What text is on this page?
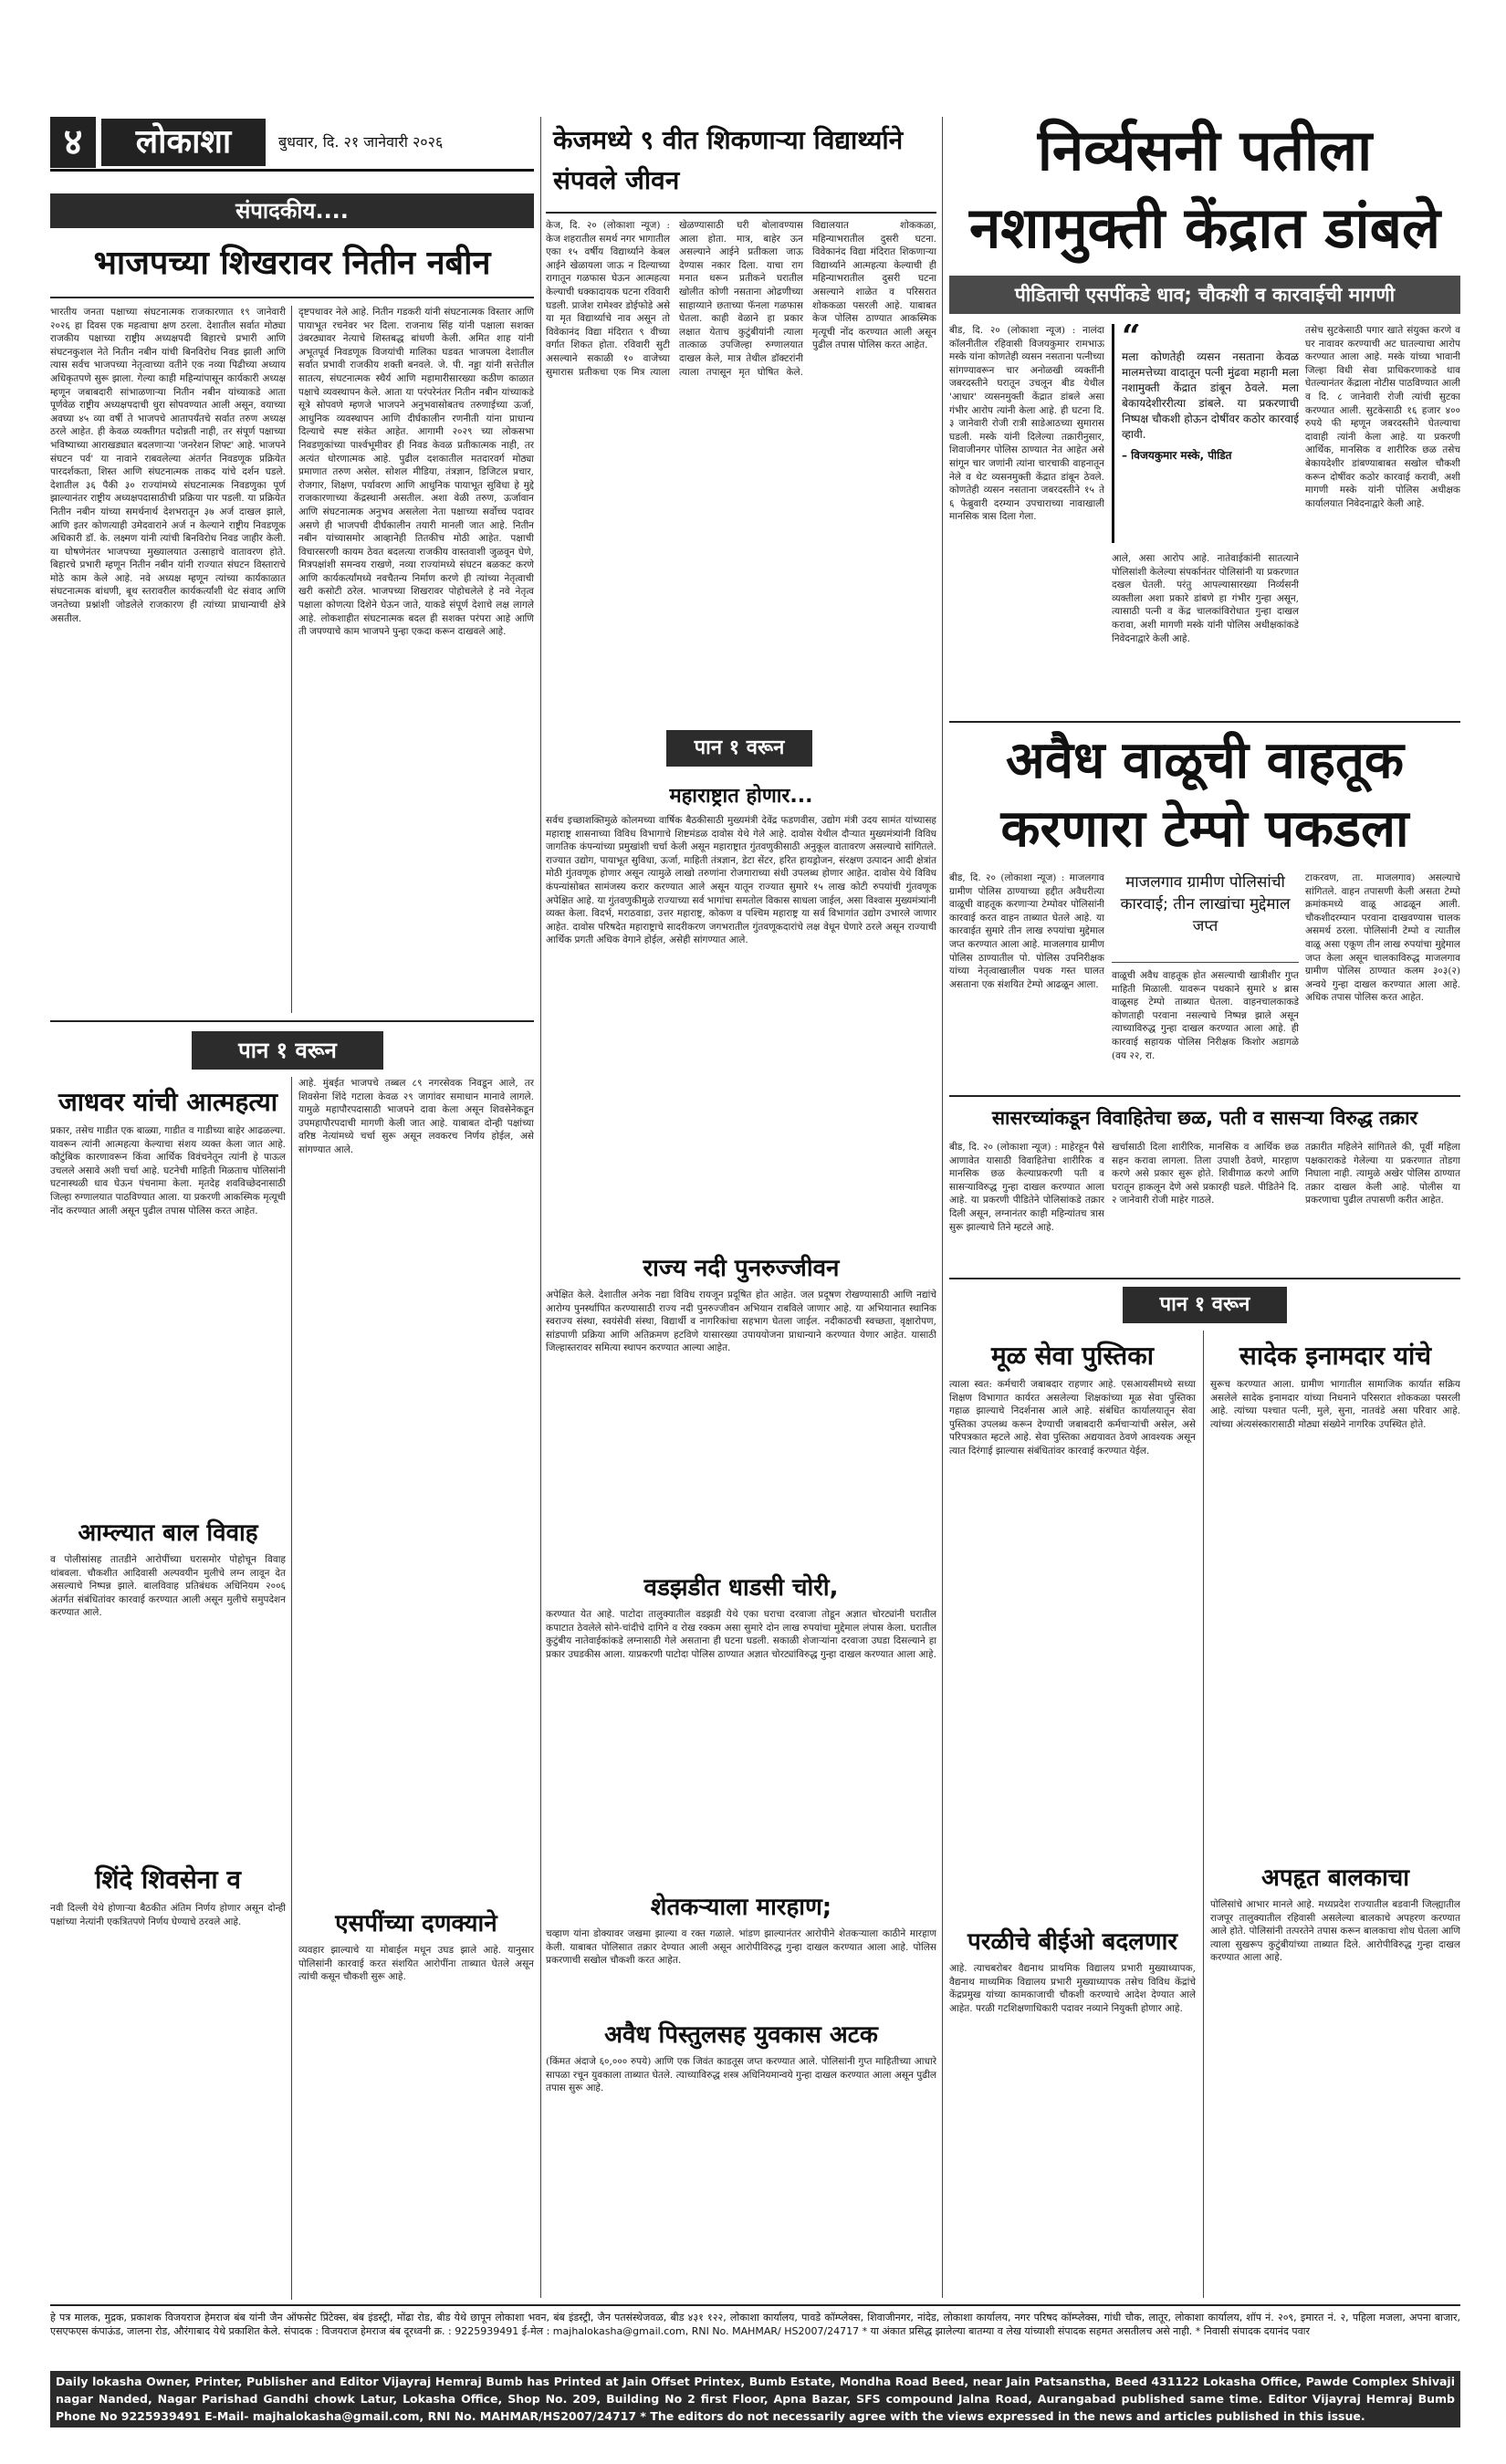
४	लोकाशा	बुधवार, दि. २१ जानेवारी २०२६
संपादकीय....
भाजपच्या शिखरावर नितीन नबीन
भारतीय जनता पक्षाच्या संघटनात्मक राजकारणात १९ जानेवारी २०२६ हा दिवस एक महत्वाचा क्षण ठरला. देशातील सर्वात मोठ्या राजकीय पक्षाच्या राष्ट्रीय अध्यक्षपदी बिहारचे प्रभारी आणि संघटनकुशल नेते नितीन नबीन यांची बिनविरोध निवड झाली आणि त्यास सर्वच भाजपच्या नेतृत्वाच्या वतीने एक नव्या पिढीच्या अध्याय अधिकृतपणे सुरू झाला. गेल्या काही महिन्यांपासून कार्यकारी अध्यक्ष म्हणून जबाबदारी सांभाळणाऱ्या नितीन नबीन यांच्याकडे आता पूर्णवेळ राष्ट्रीय अध्यक्षपदाची धुरा सोपवण्यात आली असून, वयाच्या अवघ्या ४५ व्या वर्षी ते भाजपचे आतापर्यंतचे सर्वात तरुण अध्यक्ष ठरले आहेत. ही केवळ व्यक्तीगत पदोन्नती नाही, तर संपूर्ण पक्षाच्या भविष्याच्या आराखड्यात बदलणाऱ्या 'जनरेशन शिफ्ट' आहे. भाजपने संघटन पर्व' या नावाने राबवलेल्या अंतर्गत निवडणूक प्रक्रियेत पारदर्शकता, शिस्त आणि संघटनात्मक ताकद यांचे दर्शन घडले. देशातील ३६ पैकी ३० राज्यांमध्ये संघटनात्मक निवडणुका पूर्ण झाल्यानंतर राष्ट्रीय अध्यक्षपदासाठीची प्रक्रिया पार पडली. या प्रक्रियेत नितीन नबीन यांच्या समर्थनार्थ देशभरातून ३७ अर्ज दाखल झाले, आणि इतर कोणत्याही उमेदवाराने अर्ज न केल्याने राष्ट्रीय निवडणूक अधिकारी डॉ. के. लक्ष्मण यांनी त्यांची बिनविरोध निवड जाहीर केली. या घोषणेनंतर भाजपच्या मुख्यालयात उत्साहाचे वातावरण होते. बिहारचे प्रभारी म्हणून नितीन नबीन यांनी राज्यात संघटन विस्ताराचे मोठे काम केले आहे. नवे अध्यक्ष म्हणून त्यांच्या कार्यकाळात संघटनात्मक बांधणी, बूथ स्तरावरील कार्यकर्त्यांशी थेट संवाद आणि जनतेच्या प्रश्नांशी जोडलेले राजकारण ही त्यांच्या प्राधान्याची क्षेत्रे असतील.
दृष्टपथावर नेले आहे. नितीन गडकरी यांनी संघटनात्मक विस्तार आणि पायाभूत रचनेवर भर दिला. राजनाथ सिंह यांनी पक्षाला सशक्त उंबरठ्यावर नेत्याचे शिस्तबद्ध बांधणी केली. अमित शाह यांनी अभूतपूर्व निवडणूक विजयांची मालिका घडवत भाजपला देशातील सर्वात प्रभावी राजकीय शक्ती बनवले. जे. पी. नड्डा यांनी सत्तेतील सातत्य, संघटनात्मक स्थैर्य आणि महामारीसारख्या कठीण काळात पक्षाचे व्यवस्थापन केले. आता या परंपरेनंतर नितीन नबीन यांच्याकडे सूत्रे सोपवणे म्हणजे भाजपने अनुभवासोबतच तरुणाईच्या ऊर्जा, आधुनिक व्यवस्थापन आणि दीर्घकालीन रणनीती यांना प्राधान्य दिल्याचे स्पष्ट संकेत आहेत. आगामी २०२९ च्या लोकसभा निवडणुकांच्या पार्श्वभूमीवर ही निवड केवळ प्रतीकात्मक नाही, तर अत्यंत धोरणात्मक आहे. पुढील दशकातील मतदारवर्ग मोठ्या प्रमाणात तरुण असेल. सोशल मीडिया, तंत्रज्ञान, डिजिटल प्रचार, रोजगार, शिक्षण, पर्यावरण आणि आधुनिक पायाभूत सुविधा हे मुद्दे राजकारणाच्या केंद्रस्थानी असतील. अशा वेळी तरुण, ऊर्जावान आणि संघटनात्मक अनुभव असलेला नेता पक्षाच्या सर्वोच्च पदावर असणे ही भाजपची दीर्घकालीन तयारी मानली जात आहे. नितीन नबीन यांच्यासमोर आव्हानेही तितकीच मोठी आहेत. पक्षाची विचारसरणी कायम ठेवत बदलत्या राजकीय वास्तवाशी जुळवून घेणे, मित्रपक्षांशी समन्वय राखणे, नव्या राज्यांमध्ये संघटन बळकट करणे आणि कार्यकर्त्यांमध्ये नवचैतन्य निर्माण करणे ही त्यांच्या नेतृत्वाची खरी कसोटी ठरेल. भाजपच्या शिखरावर पोहोचलेले हे नवे नेतृत्व पक्षाला कोणत्या दिशेने घेऊन जाते, याकडे संपूर्ण देशाचे लक्ष लागले आहे. लोकशाहीत संघटनात्मक बदल ही सशक्त परंपरा आहे आणि ती जपण्याचे काम भाजपने पुन्हा एकदा करून दाखवले आहे.
केजमध्ये ९ वीत शिकणाऱ्या विद्यार्थ्याने संपवले जीवन
केज, दि. २० (लोकाशा न्यूज) : केज शहरातील समर्थ नगर भागातील एका १५ वर्षीय विद्यार्थ्याने केबल आईने खेळायला जाऊ न दिल्याच्या रागातून गळफास घेऊन आत्महत्या केल्याची धक्कादायक घटना रविवारी घडली. प्राजेश रामेश्वर डोईफोडे असे या मृत विद्यार्थ्याचे नाव असून तो विवेकानंद विद्या मंदिरात ९ वीच्या वर्गात शिकत होता. रविवारी सुटी असल्याने सकाळी १० वाजेच्या सुमारास प्रतीकचा एक मित्र त्याला खेळण्यासाठी घरी बोलावण्यास आला होता. मात्र, बाहेर ऊन असल्याने आईने प्रतीकला जाऊ देण्यास नकार दिला. याचा राग मनात धरून प्रतीकने घरातील खोलीत कोणी नसताना ओढणीच्या साहाय्याने छताच्या फॅनला गळफास घेतला. काही वेळाने हा प्रकार लक्षात येताच कुटुंबीयांनी त्याला तात्काळ उपजिल्हा रुग्णालयात दाखल केले, मात्र तेथील डॉक्टरांनी त्याला तपासून मृत घोषित केले. विद्यालयात शोककळा, महिन्याभरातील दुसरी घटना. विवेकानंद विद्या मंदिरात शिकणाऱ्या विद्यार्थ्याने आत्महत्या केल्याची ही महिन्याभरातील दुसरी घटना असल्याने शाळेत व परिसरात शोककळा पसरली आहे. याबाबत केज पोलिस ठाण्यात आकस्मिक मृत्यूची नोंद करण्यात आली असून पुढील तपास पोलिस करत आहेत.
निर्व्यसनी पतीला
नशामुक्ती केंद्रात डांबले
पीडिताची एसपींकडे धाव; चौकशी व कारवाईची मागणी
बीड, दि. २० (लोकाशा न्यूज) : नालंदा कॉलनीतील रहिवासी विजयकुमार रामभाऊ मस्के यांना कोणतेही व्यसन नसताना पत्नीच्या सांगण्यावरून चार अनोळखी व्यक्तींनी जबरदस्तीने घरातून उचलून बीड येथील 'आधार' व्यसनमुक्ती केंद्रात डांबले असा गंभीर आरोप त्यांनी केला आहे. ही घटना दि. ३ जानेवारी रोजी रात्री साडेआठच्या सुमारास घडली. मस्के यांनी दिलेल्या तक्रारीनुसार, शिवाजीनगर पोलिस ठाण्यात नेत आहेत असे सांगून चार जणांनी त्यांना चारचाकी वाहनातून नेले व थेट व्यसनमुक्ती केंद्रात डांबून ठेवले. कोणतेही व्यसन नसताना जबरदस्तीने १५ ते ६ फेब्रुवारी दरम्यान उपचाराच्या नावाखाली मानसिक त्रास दिला गेला.
“
मला कोणतेही व्यसन नसताना केवळ मालमत्तेच्या वादातून पत्नी मुंढवा महानी मला नशामुक्ती केंद्रात डांबून ठेवले. मला बेकायदेशीररीत्या डांबले. या प्रकरणाची निष्पक्ष चौकशी होऊन दोषींवर कठोर कारवाई व्हावी.
– विजयकुमार मस्के, पीडित
आले, असा आरोप आहे. नातेवाईकांनी सातत्याने पोलिसांशी केलेल्या संपर्कानंतर पोलिसांनी या प्रकरणात दखल घेतली. परंतु आपल्यासारख्या निर्व्यसनी व्यक्तीला अशा प्रकारे डांबणे हा गंभीर गुन्हा असून, त्यासाठी पत्नी व केंद्र चालकांविरोधात गुन्हा दाखल करावा, अशी मागणी मस्के यांनी पोलिस अधीक्षकांकडे निवेदनाद्वारे केली आहे.
तसेच सुटकेसाठी पगार खाते संयुक्त करणे व घर नावावर करण्याची अट घातल्याचा आरोप करण्यात आला आहे. मस्के यांच्या भावानी जिल्हा विधी सेवा प्राधिकरणाकडे धाव घेतल्यानंतर केंद्राला नोटीस पाठविण्यात आली व दि. ८ जानेवारी रोजी त्यांची सुटका करण्यात आली. सुटकेसाठी १६ हजार ४०० रुपये फी म्हणून जबरदस्तीने घेतल्याचा दावाही त्यांनी केला आहे. या प्रकरणी आर्थिक, मानसिक व शारीरिक छळ तसेच बेकायदेशीर डांबण्याबाबत सखोल चौकशी करून दोषींवर कठोर कारवाई करावी, अशी मागणी मस्के यांनी पोलिस अधीक्षक कार्यालयात निवेदनाद्वारे केली आहे.
अवैध वाळूची वाहतूक
करणारा टेम्पो पकडला
बीड, दि. २० (लोकाशा न्यूज) : माजलगाव ग्रामीण पोलिस ठाण्याच्या हद्दीत अवैधरीत्या वाळूची वाहतूक करणाऱ्या टेम्पोवर पोलिसांनी कारवाई करत वाहन ताब्यात घेतले आहे. या कारवाईत सुमारे तीन लाख रुपयांचा मुद्देमाल जप्त करण्यात आला आहे. माजलगाव ग्रामीण पोलिस ठाण्यातील पो. पोलिस उपनिरीक्षक यांच्या नेतृत्वाखालील पथक गस्त घालत असताना एक संशयित टेम्पो आढळून आला.
माजलगाव ग्रामीण पोलिसांची कारवाई; तीन लाखांचा मुद्देमाल जप्त
वाळूची अवैध वाहतूक होत असल्याची खात्रीशीर गुप्त माहिती मिळाली. यावरून पथकाने सुमारे ४ ब्रास वाळूसह टेम्पो ताब्यात घेतला. वाहनचालकाकडे कोणताही परवाना नसल्याचे निष्पन्न झाले असून त्याच्याविरुद्ध गुन्हा दाखल करण्यात आला आहे. ही कारवाई सहायक पोलिस निरीक्षक किशोर अडागळे (वय २२, रा.
टाकरवण, ता. माजलगाव) असल्याचे सांगितले. वाहन तपासणी केली असता टेम्पो क्रमांकमध्ये वाळू आढळून आली. चौकशीदरम्यान परवाना दाखवण्यास चालक असमर्थ ठरला. पोलिसांनी टेम्पो व त्यातील वाळू असा एकूण तीन लाख रुपयांचा मुद्देमाल जप्त केला असून चालकाविरुद्ध माजलगाव ग्रामीण पोलिस ठाण्यात कलम ३०३(२) अन्वये गुन्हा दाखल करण्यात आला आहे. अधिक तपास पोलिस करत आहेत.
सासरच्यांकडून विवाहितेचा छळ, पती व सासऱ्या विरुद्ध तक्रार
बीड, दि. २० (लोकाशा न्यूज) : माहेरहून पैसे आणावेत यासाठी विवाहितेचा शारीरिक व मानसिक छळ केल्याप्रकरणी पती व सासऱ्याविरुद्ध गुन्हा दाखल करण्यात आला आहे. या प्रकरणी पीडितेने पोलिसांकडे तक्रार दिली असून, लग्नानंतर काही महिन्यांतच त्रास सुरू झाल्याचे तिने म्हटले आहे.
खर्चासाठी दिला शारीरिक, मानसिक व आर्थिक छळ सहन करावा लागला. तिला उपाशी ठेवणे, मारहाण करणे असे प्रकार सुरू होते. शिवीगाळ करणे आणि घरातून हाकलून देणे असे प्रकारही घडले. पीडितेने दि. २ जानेवारी रोजी माहेर गाठले.
तक्रारीत महिलेने सांगितले की, पूर्वी महिला पक्षकाराकडे गेलेल्या या प्रकरणात तोडगा निघाला नाही. त्यामुळे अखेर पोलिस ठाण्यात तक्रार दाखल केली आहे. पोलीस या प्रकरणाचा पुढील तपासणी करीत आहेत.
पान १ वरून
महाराष्ट्रात होणार...
सर्वच इच्छाशक्तिमुळे कोलमच्या वार्षिक बैठकीसाठी मुख्यमंत्री देवेंद्र फडणवीस, उद्योग मंत्री उदय सामंत यांच्यासह महाराष्ट्र शासनाच्या विविध विभागाचे शिष्टमंडळ दावोस येथे गेले आहे. दावोस येथील दौऱ्यात मुख्यमंत्र्यांनी विविध जागतिक कंपन्यांच्या प्रमुखांशी चर्चा केली असून महाराष्ट्रात गुंतवणुकीसाठी अनुकूल वातावरण असल्याचे सांगितले. राज्यात उद्योग, पायाभूत सुविधा, ऊर्जा, माहिती तंत्रज्ञान, डेटा सेंटर, हरित हायड्रोजन, संरक्षण उत्पादन आदी क्षेत्रांत मोठी गुंतवणूक होणार असून त्यामुळे लाखो तरुणांना रोजगाराच्या संधी उपलब्ध होणार आहेत. दावोस येथे विविध कंपन्यांसोबत सामंजस्य करार करण्यात आले असून यातून राज्यात सुमारे १५ लाख कोटी रुपयांची गुंतवणूक अपेक्षित आहे. या गुंतवणुकीमुळे राज्याच्या सर्व भागांचा समतोल विकास साधला जाईल, असा विश्वास मुख्यमंत्र्यांनी व्यक्त केला. विदर्भ, मराठवाडा, उत्तर महाराष्ट्र, कोकण व पश्चिम महाराष्ट्र या सर्व विभागांत उद्योग उभारले जाणार आहेत. दावोस परिषदेत महाराष्ट्राचे सादरीकरण जगभरातील गुंतवणूकदारांचे लक्ष वेधून घेणारे ठरले असून राज्याची आर्थिक प्रगती अधिक वेगाने होईल, असेही सांगण्यात आले.
राज्य नदी पुनरुज्जीवन
अपेक्षित केले. देशातील अनेक नद्या विविध रायजून प्रदूषित होत आहेत. जल प्रदूषण रोखण्यासाठी आणि नद्यांचे आरोग्य पुनर्स्थापित करण्यासाठी राज्य नदी पुनरुज्जीवन अभियान राबविले जाणार आहे. या अभियानात स्थानिक स्वराज्य संस्था, स्वयंसेवी संस्था, विद्यार्थी व नागरिकांचा सहभाग घेतला जाईल. नदीकाठची स्वच्छता, वृक्षारोपण, सांडपाणी प्रक्रिया आणि अतिक्रमण हटविणे यासारख्या उपाययोजना प्राधान्याने करण्यात येणार आहेत. यासाठी जिल्हास्तरावर समित्या स्थापन करण्यात आल्या आहेत.
वडझडीत धाडसी चोरी,
करण्यात येत आहे. पाटोदा तालुक्यातील वडझडी येथे एका घराचा दरवाजा तोडून अज्ञात चोरट्यांनी घरातील कपाटात ठेवलेले सोने-चांदीचे दागिने व रोख रक्कम असा सुमारे दोन लाख रुपयांचा मुद्देमाल लंपास केला. घरातील कुटुंबीय नातेवाईकांकडे लग्नासाठी गेले असताना ही घटना घडली. सकाळी शेजाऱ्यांना दरवाजा उघडा दिसल्याने हा प्रकार उघडकीस आला. याप्रकरणी पाटोदा पोलिस ठाण्यात अज्ञात चोरट्यांविरुद्ध गुन्हा दाखल करण्यात आला आहे.
शेतकऱ्याला मारहाण;
चव्हाण यांना डोक्यावर जखमा झाल्या व रक्त गळाले. भांडण झाल्यानंतर आरोपीने शेतकऱ्याला काठीने मारहाण केली. याबाबत पोलिसात तक्रार देण्यात आली असून आरोपीविरुद्ध गुन्हा दाखल करण्यात आला आहे. पोलिस प्रकरणाची सखोल चौकशी करत आहेत.
अवैध पिस्तुलसह युवकास अटक
(किंमत अंदाजे ६०,००० रुपये) आणि एक जिवंत काडतूस जप्त करण्यात आले. पोलिसांनी गुप्त माहितीच्या आधारे सापळा रचून युवकाला ताब्यात घेतले. त्याच्याविरुद्ध शस्त्र अधिनियमान्वये गुन्हा दाखल करण्यात आला असून पुढील तपास सुरू आहे.
पान १ वरून
जाधवर यांची आत्महत्या
प्रकार, तसेच गाडीत एक बाळ्या, गाडीत व गाडीच्या बाहेर आढळल्या. यावरून त्यांनी आत्महत्या केल्याचा संशय व्यक्त केला जात आहे. कौटुंबिक कारणावरून किंवा आर्थिक विवंचनेतून त्यांनी हे पाऊल उचलले असावे अशी चर्चा आहे. घटनेची माहिती मिळताच पोलिसांनी घटनास्थळी धाव घेऊन पंचनामा केला. मृतदेह शवविच्छेदनासाठी जिल्हा रुग्णालयात पाठविण्यात आला. या प्रकरणी आकस्मिक मृत्यूची नोंद करण्यात आली असून पुढील तपास पोलिस करत आहेत.
आम्ल्यात बाल विवाह
व पोलीसांसह तातडीने आरोपींच्या घरासमोर पोहोचून विवाह थांबवला. चौकशीत आदिवासी अल्पवयीन मुलीचे लग्न लावून देत असल्याचे निष्पन्न झाले. बालविवाह प्रतिबंधक अधिनियम २००६ अंतर्गत संबंधितांवर कारवाई करण्यात आली असून मुलीचे समुपदेशन करण्यात आले.
शिंदे शिवसेना व
नवी दिल्ली येथे होणाऱ्या बैठकीत अंतिम निर्णय होणार असून दोन्ही पक्षांच्या नेत्यांनी एकत्रितपणे निर्णय घेण्याचे ठरवले आहे.
आहे. मुंबईत भाजपचे तब्बल ८९ नगरसेवक निवडून आले, तर शिवसेना शिंदे गटाला केवळ २९ जागांवर समाधान मानावे लागले. यामुळे महापौरपदासाठी भाजपने दावा केला असून शिवसेनेकडून उपमहापौरपदाची मागणी केली जात आहे. याबाबत दोन्ही पक्षांच्या वरिष्ठ नेत्यांमध्ये चर्चा सुरू असून लवकरच निर्णय होईल, असे सांगण्यात आले.
एसपींच्या दणक्याने
व्यवहार झाल्याचे या मोबाईल मधून उघड झाले आहे. यानुसार पोलिसांनी कारवाई करत संशयित आरोपींना ताब्यात घेतले असून त्यांची कसून चौकशी सुरू आहे.
पान १ वरून
मूळ सेवा पुस्तिका
त्याला स्वत: कर्मचारी जबाबदार राहणार आहे. एसआयसीमध्ये सध्या शिक्षण विभागात कार्यरत असलेल्या शिक्षकांच्या मूळ सेवा पुस्तिका गहाळ झाल्याचे निदर्शनास आले आहे. संबंधित कार्यालयातून सेवा पुस्तिका उपलब्ध करून देण्याची जबाबदारी कर्मचाऱ्यांची असेल, असे परिपत्रकात म्हटले आहे. सेवा पुस्तिका अद्ययावत ठेवणे आवश्यक असून त्यात दिरंगाई झाल्यास संबंधितांवर कारवाई करण्यात येईल.
परळीचे बीईओ बदलणार
आहे. त्याचबरोबर वैद्यनाथ प्राथमिक विद्यालय प्रभारी मुख्याध्यापक, वैद्यनाथ माध्यमिक विद्यालय प्रभारी मुख्याध्यापक तसेच विविध केंद्रांचे केंद्रप्रमुख यांच्या कामकाजाची चौकशी करण्याचे आदेश देण्यात आले आहेत. परळी गटशिक्षणाधिकारी पदावर नव्याने नियुक्ती होणार आहे.
सादेक इनामदार यांचे
सुरूच करण्यात आला. ग्रामीण भागातील सामाजिक कार्यात सक्रिय असलेले सादेक इनामदार यांच्या निधनाने परिसरात शोककळा पसरली आहे. त्यांच्या पश्चात पत्नी, मुले, सुना, नातवंडे असा परिवार आहे. त्यांच्या अंत्यसंस्कारासाठी मोठ्या संख्येने नागरिक उपस्थित होते.
अपहृत बालकाचा
पोलिसांचे आभार मानले आहे. मध्यप्रदेश राज्यातील बडवानी जिल्ह्यातील राजपूर तालुक्यातील रहिवासी असलेल्या बालकाचे अपहरण करण्यात आले होते. पोलिसांनी तत्परतेने तपास करून बालकाचा शोध घेतला आणि त्याला सुखरूप कुटुंबीयांच्या ताब्यात दिले. आरोपीविरुद्ध गुन्हा दाखल करण्यात आला आहे.
हे पत्र मालक, मुद्रक, प्रकाशक विजयराज हेमराज बंब यांनी जैन ऑफसेट प्रिंटेक्स, बंब इंडस्ट्री, मोंढा रोड, बीड येथे छापून लोकाशा भवन, बंब इंडस्ट्री, जैन पतसंस्थेजवळ, बीड ४३१ १२२, लोकाशा कार्यालय, पावडे कॉम्प्लेक्स, शिवाजीनगर, नांदेड, लोकाशा कार्यालय, नगर परिषद कॉम्प्लेक्स, गांधी चौक, लातूर, लोकाशा कार्यालय, शॉप नं. २०९, इमारत नं. २, पहिला मजला, अपना बाजार, एसएफएस कंपाऊंड, जालना रोड, औरंगाबाद येथे प्रकाशित केले. संपादक : विजयराज हेमराज बंब दूरध्वनी क्र. : 9225939491 ई-मेल : majhalokasha@gmail.com, RNI No. MAHMAR/ HS2007/24717 * या अंकात प्रसिद्ध झालेल्या बातम्या व लेख यांच्याशी संपादक सहमत असतीलच असे नाही. * निवासी संपादक दयानंद पवार
Daily lokasha Owner, Printer, Publisher and Editor Vijayraj Hemraj Bumb has Printed at Jain Offset Printex, Bumb Estate, Mondha Road Beed, near Jain Patsanstha, Beed 431122 Lokasha Office, Pawde Complex Shivaji nagar Nanded, Nagar Parishad Gandhi chowk Latur, Lokasha Office, Shop No. 209, Building No 2 first Floor, Apna Bazar, SFS compound Jalna Road, Aurangabad published same time. Editor Vijayraj Hemraj Bumb Phone No 9225939491 E-Mail- majhalokasha@gmail.com, RNI No. MAHMAR/HS2007/24717 * The editors do not necessarily agree with the views expressed in the news and articles published in this issue.
